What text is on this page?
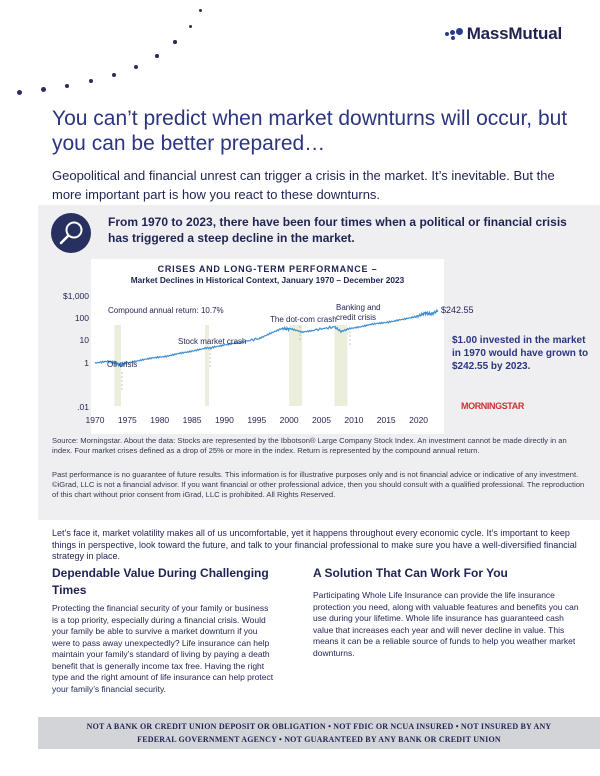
MassMutual
You can’t predict when market downturns will occur, but you can be better prepared…

Geopolitical and financial unrest can trigger a crisis in the market. It’s inevitable. But the more important part is how you react to these downturns.

From 1970 to 2023, there have been four times when a political or financial crisis has triggered a steep decline in the market.

CRISES AND LONG-TERM PERFORMANCE –
Market Declines in Historical Context, January 1970 – December 2023
$1,000
100
10
1
.01
1970	1975	1980	1985	1990	1995	2000	2005	2010	2015	2020
$242.55
Compound annual return: 10.7%
Oil crisis
Stock market crash
The dot-com crash
Banking and credit crisis

$1.00 invested in the market in 1970 would have grown to $242.55 by 2023.

MORNINGSTAR

Source: Morningstar. About the data: Stocks are represented by the Ibbotson® Large Company Stock Index. An investment cannot be made directly in an index. Four market crises defined as a drop of 25% or more in the index. Return is represented by the compound annual return.

Past performance is no guarantee of future results. This information is for illustrative purposes only and is not financial advice or indicative of any investment. ©iGrad, LLC is not a financial advisor. If you want financial or other professional advice, then you should consult with a qualified professional. The reproduction of this chart without prior consent from iGrad, LLC is prohibited. All Rights Reserved.

Let’s face it, market volatility makes all of us uncomfortable, yet it happens throughout every economic cycle. It’s important to keep things in perspective, look toward the future, and talk to your financial professional to make sure you have a well-diversified financial strategy in place.

Dependable Value During Challenging Times

Protecting the financial security of your family or business is a top priority, especially during a financial crisis. Would your family be able to survive a market downturn if you were to pass away unexpectedly? Life insurance can help maintain your family’s standard of living by paying a death benefit that is generally income tax free. Having the right type and the right amount of life insurance can help protect your family’s financial security.

A Solution That Can Work For You

Participating Whole Life Insurance can provide the life insurance protection you need, along with valuable features and benefits you can use during your lifetime. Whole life insurance has guaranteed cash value that increases each year and will never decline in value. This means it can be a reliable source of funds to help you weather market downturns.

NOT A BANK OR CREDIT UNION DEPOSIT OR OBLIGATION • NOT FDIC OR NCUA INSURED • NOT INSURED BY ANY

FEDERAL GOVERNMENT AGENCY • NOT GUARANTEED BY ANY BANK OR CREDIT UNION
